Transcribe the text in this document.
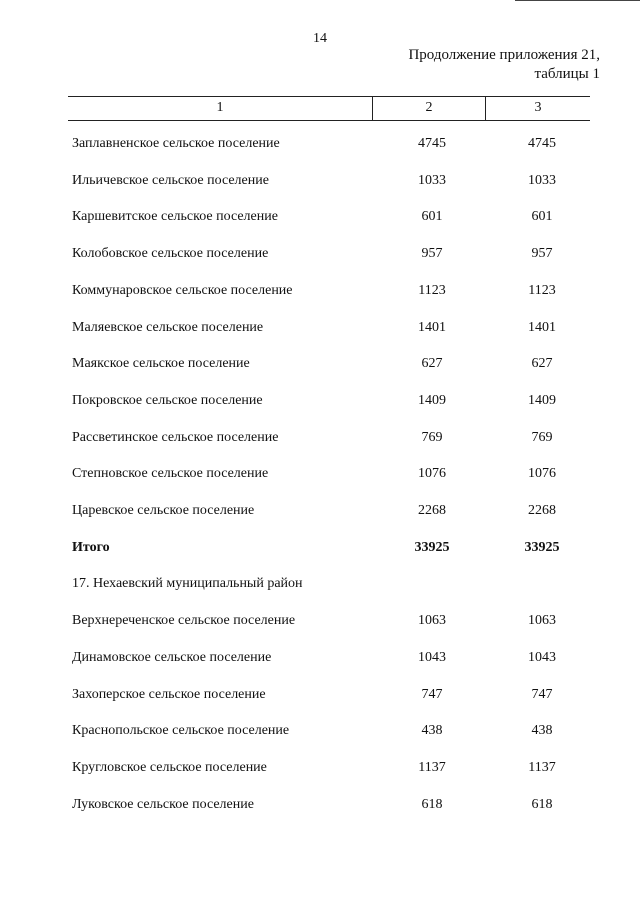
14
Продолжение приложения 21,
таблицы 1
1	2	3
Заплавненское сельское поселение	4745	4745
Ильичевское сельское поселение	1033	1033
Каршевитское сельское поселение	601	601
Колобовское сельское поселение	957	957
Коммунаровское сельское поселение	1123	1123
Маляевское сельское поселение	1401	1401
Маякское сельское поселение	627	627
Покровское сельское поселение	1409	1409
Рассветинское сельское поселение	769	769
Степновское сельское поселение	1076	1076
Царевское сельское поселение	2268	2268
Итого	33925	33925
17. Нехаевский муниципальный район
Верхнереченское сельское поселение	1063	1063
Динамовское сельское поселение	1043	1043
Захоперское сельское поселение	747	747
Краснопольское сельское поселение	438	438
Кругловское сельское поселение	1137	1137
Луковское сельское поселение	618	618
